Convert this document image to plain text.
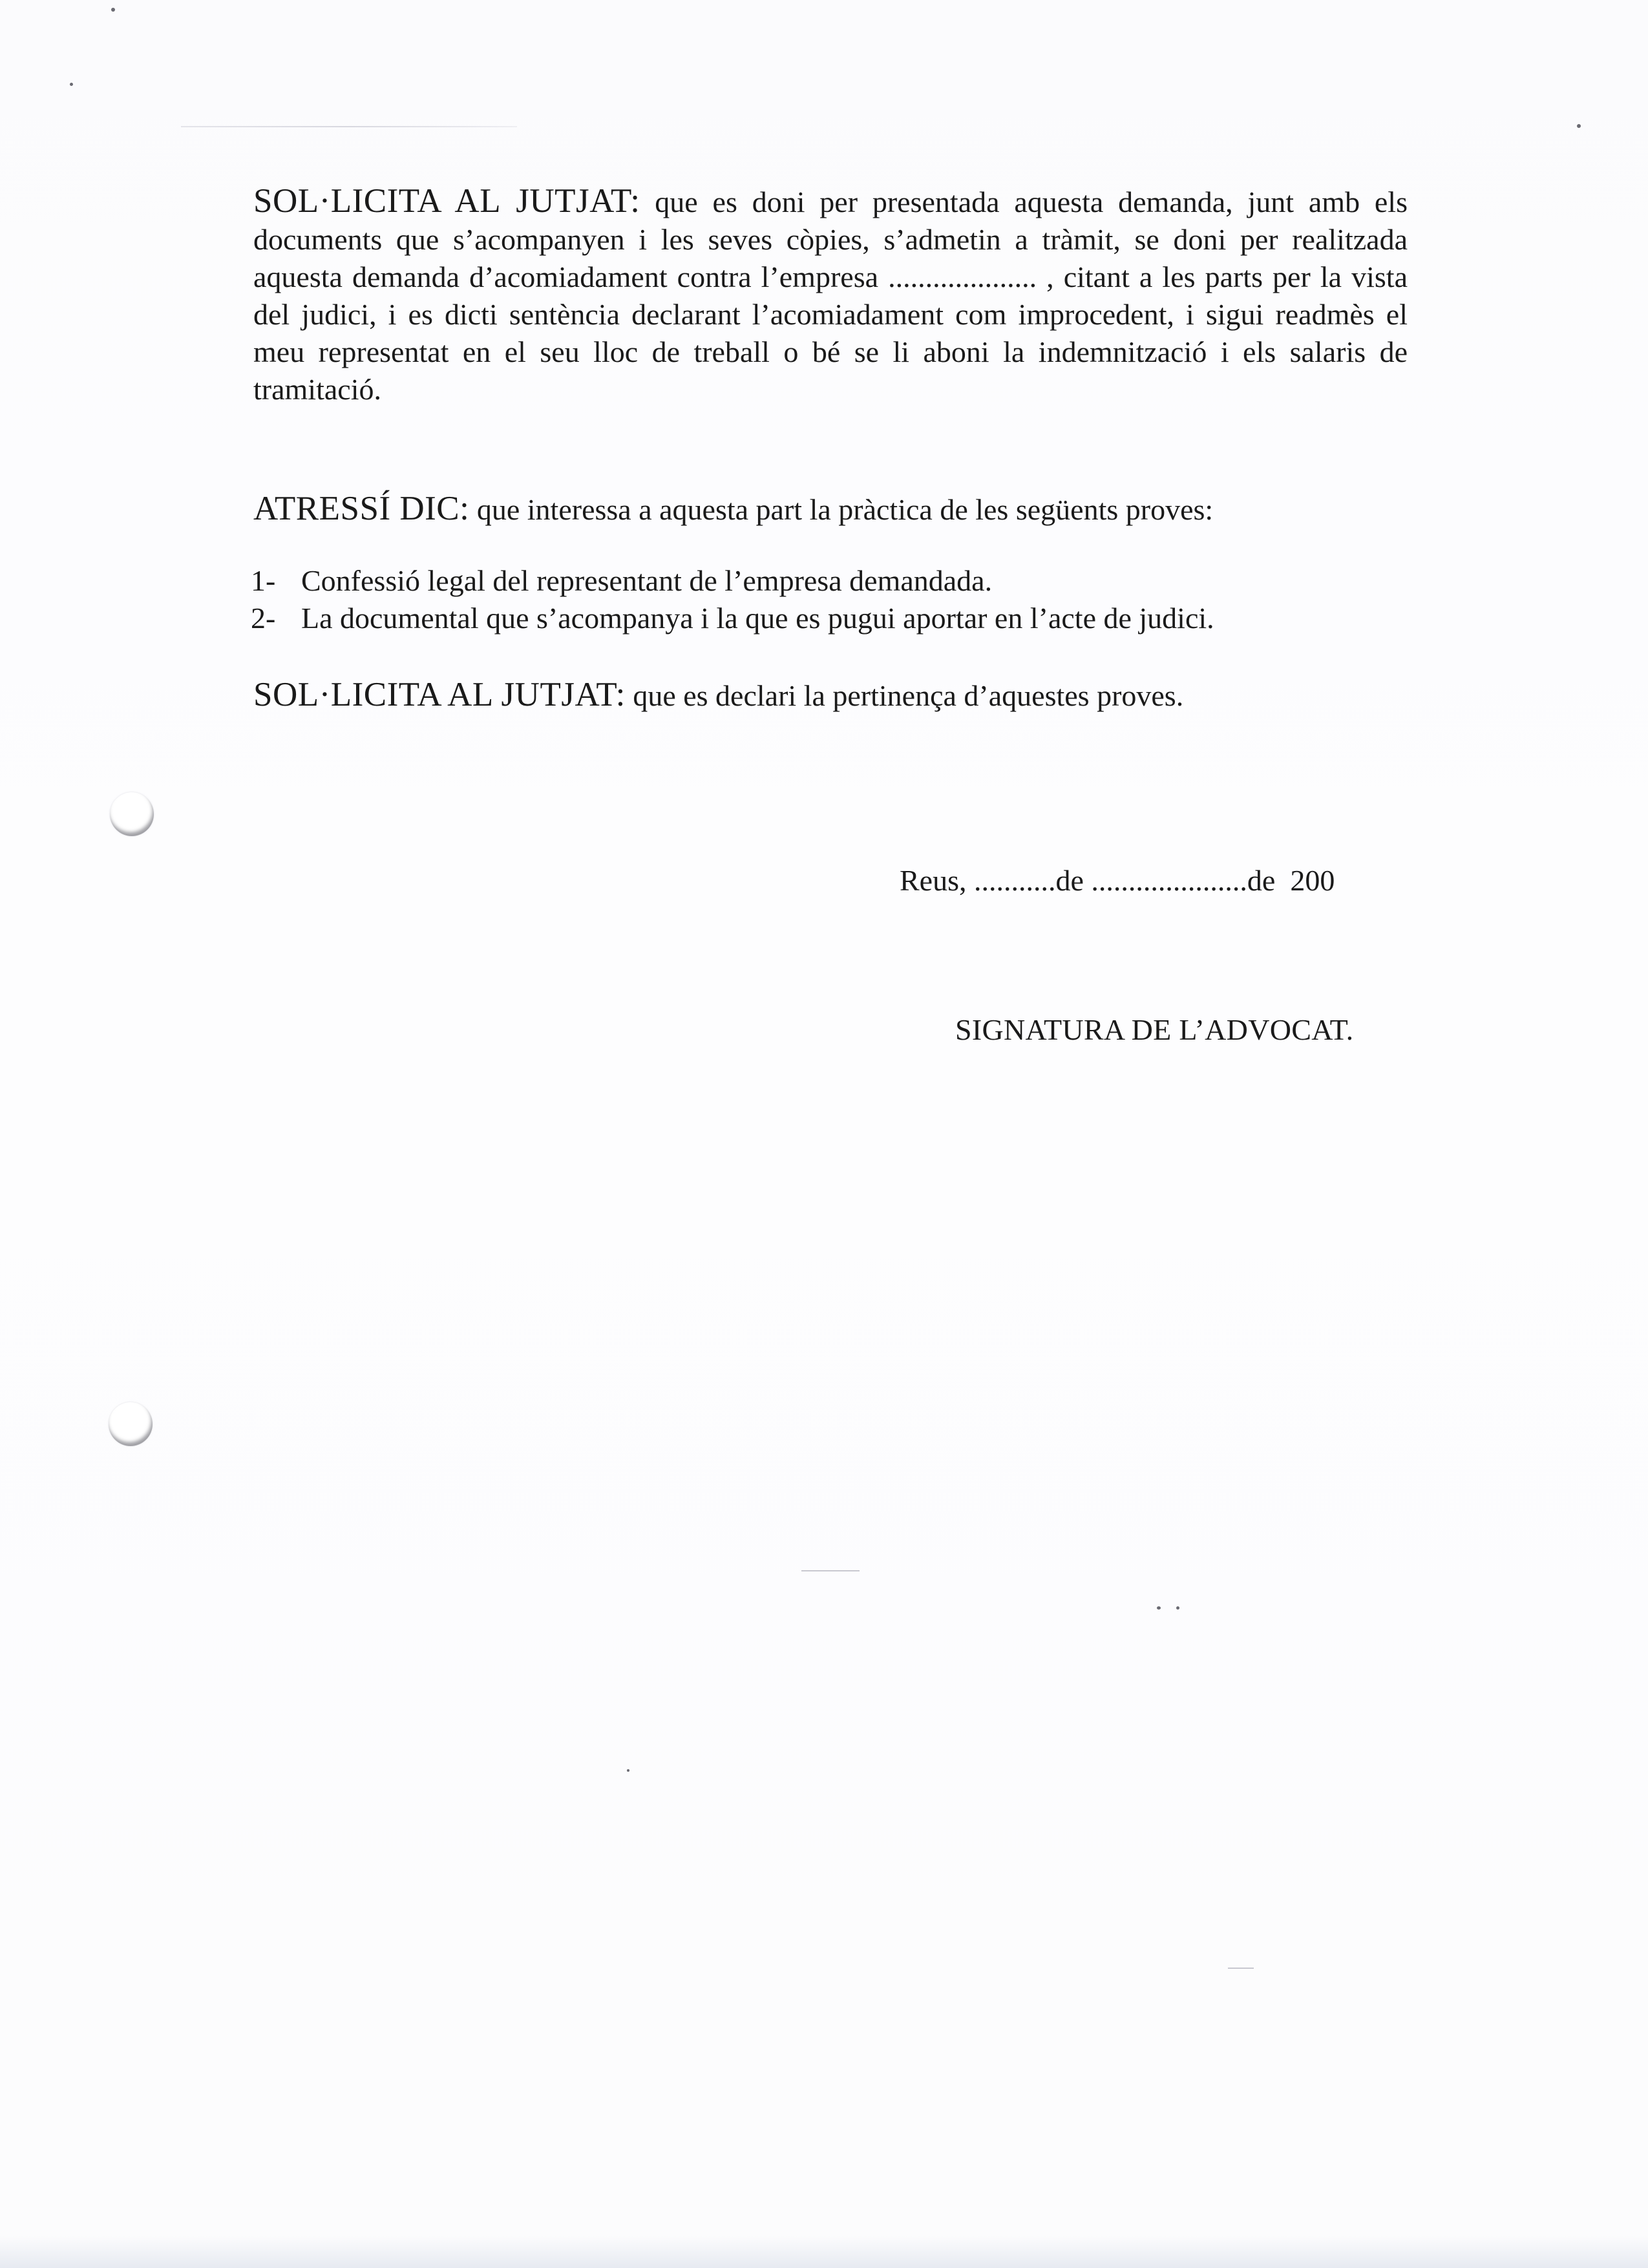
SOL·LICITA AL JUTJAT: que es doni per presentada aquesta demanda, junt amb els documents que s’acompanyen i les seves còpies, s’admetin a tràmit, se doni per realitzada aquesta demanda d’acomiadament contra l’empresa .................... , citant a les parts per la vista del judici, i es dicti sentència declarant l’acomiadament com improcedent, i sigui readmès el meu representat en el seu lloc de treball o bé se li aboni la indemnització i els salaris de tramitació.

ATRESSÍ DIC: que interessa a aquesta part la pràctica de les següents proves:

1- Confessió legal del representant de l’empresa demandada.
2- La documental que s’acompanya i la que es pugui aportar en l’acte de judici.

SOL·LICITA AL JUTJAT: que es declari la pertinença d’aquestes proves.

Reus, ...........de .....................de  200
SIGNATURA DE L’ADVOCAT.
